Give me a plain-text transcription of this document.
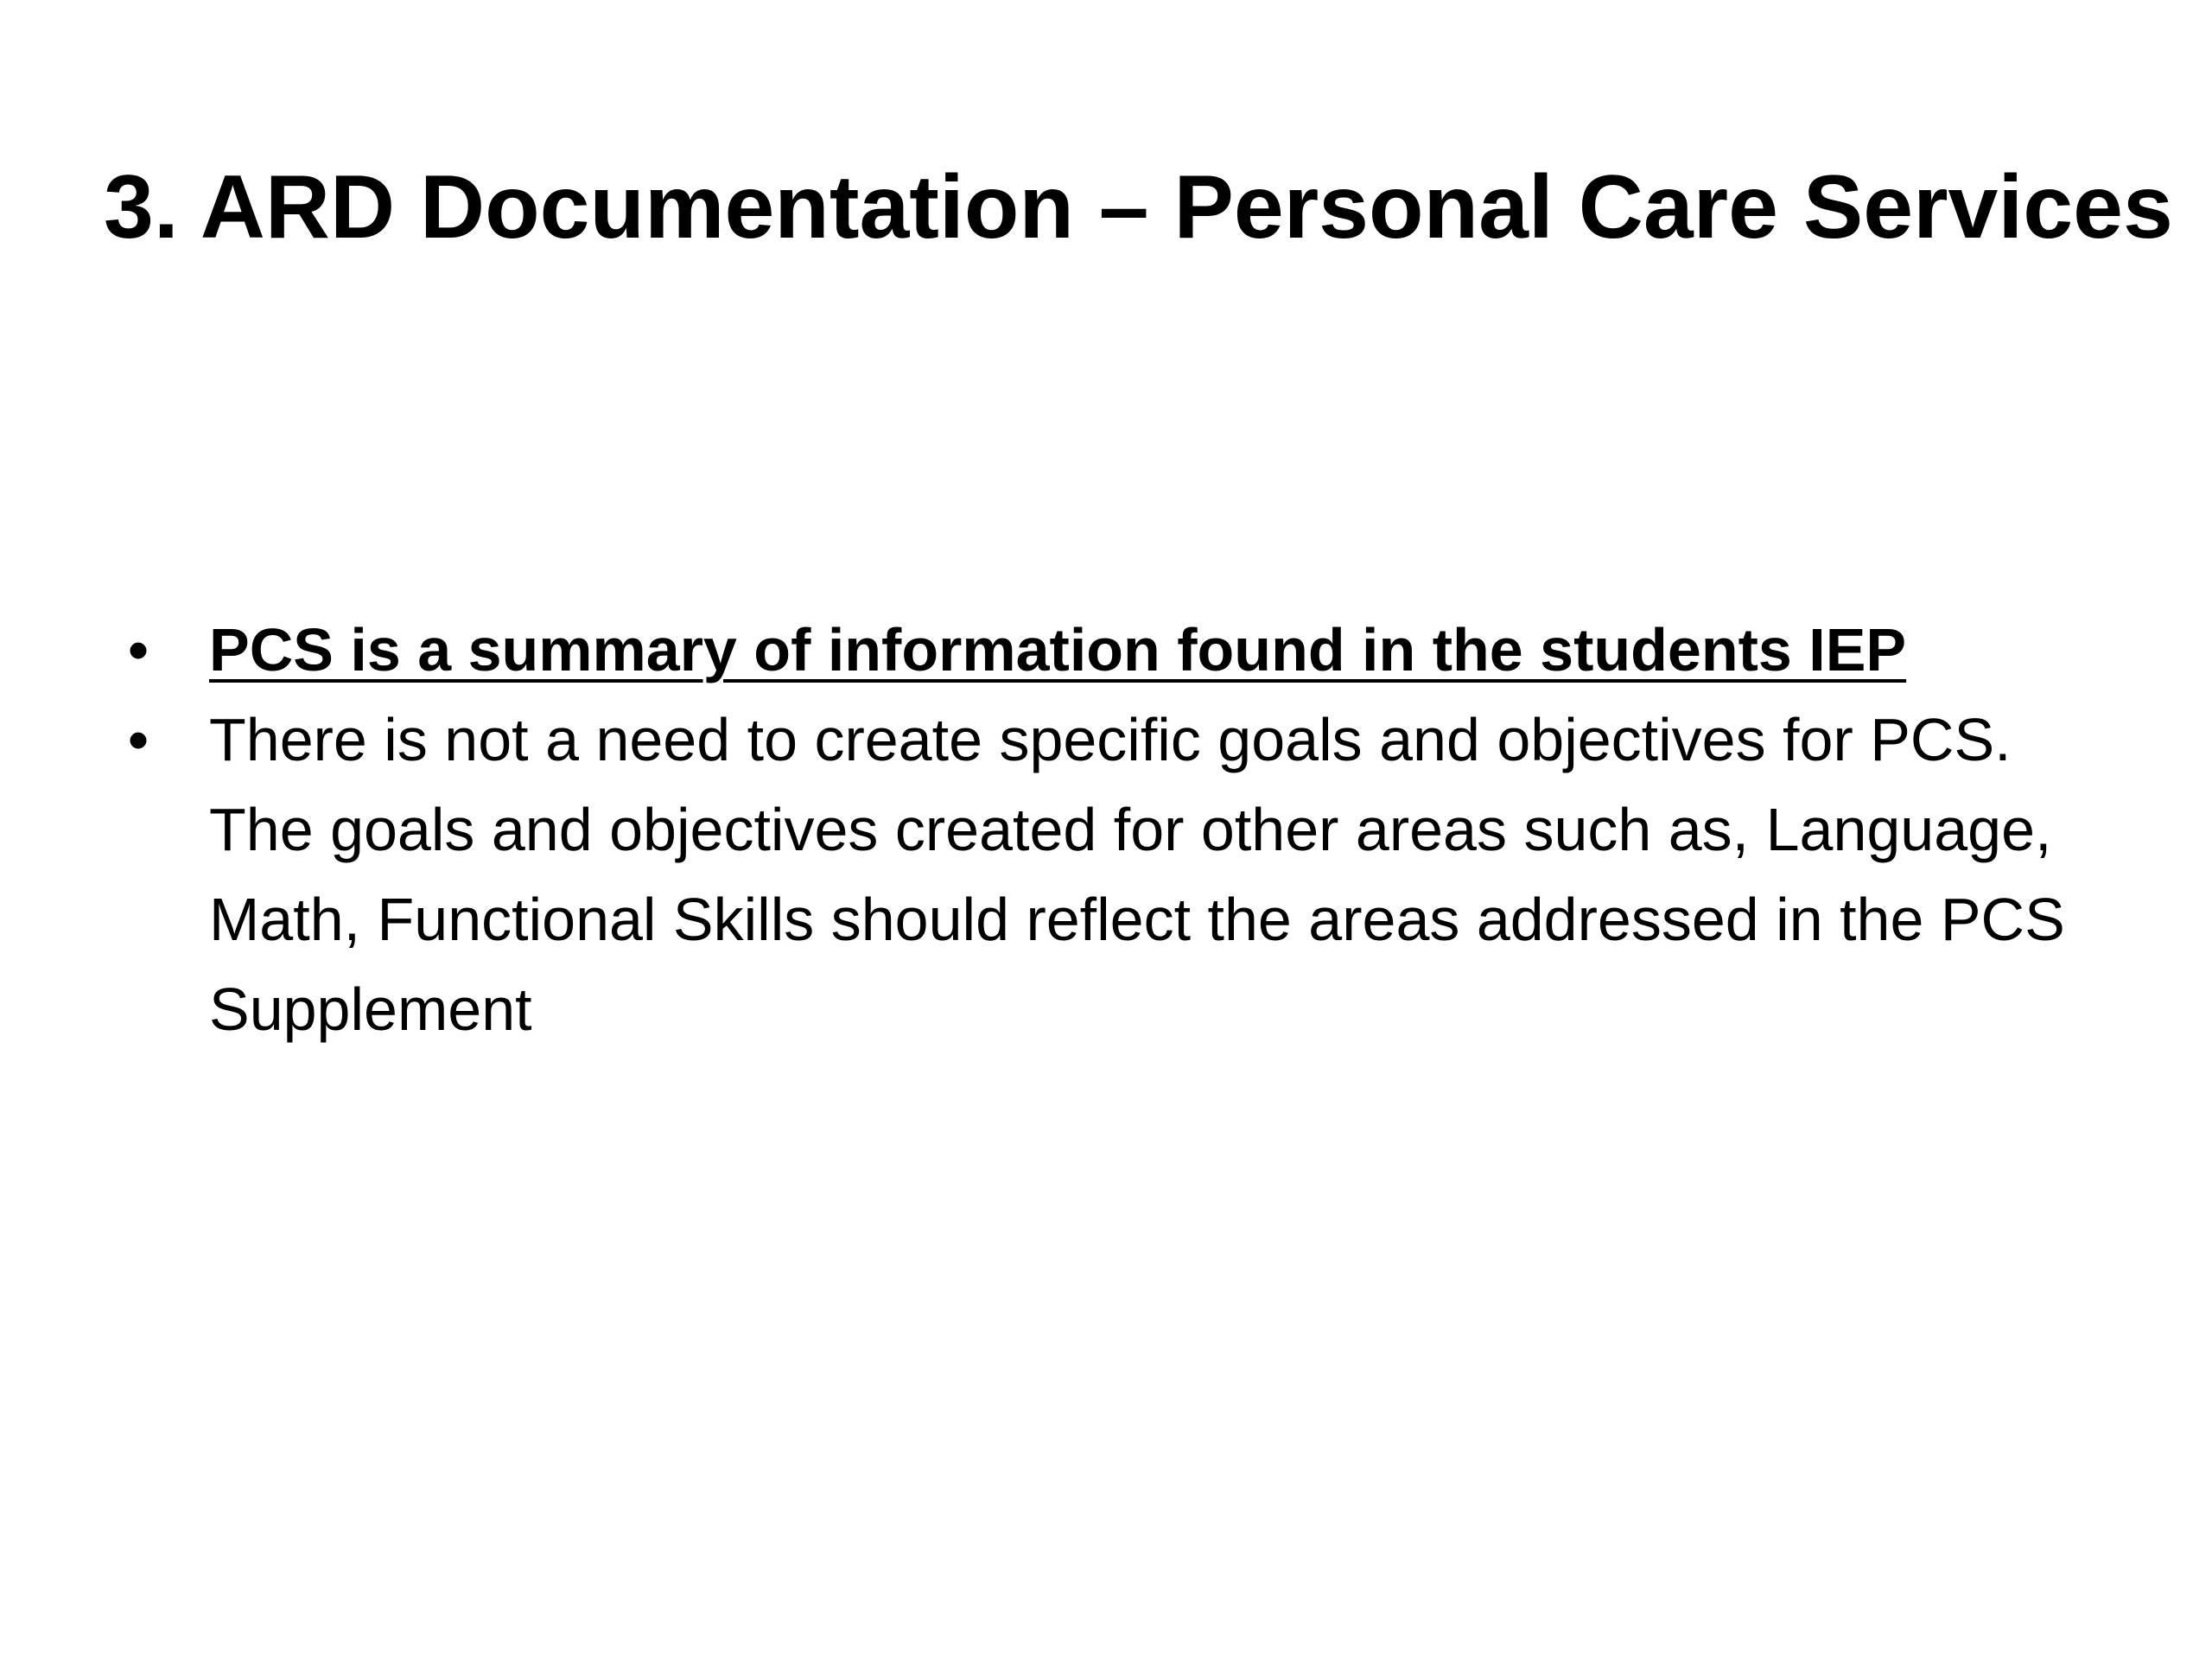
3. ARD Documentation – Personal Care Services
• PCS is a summary of information found in the students IEP
• There is not a need to create specific goals and objectives for PCS. The goals and objectives created for other areas such as, Language, Math, Functional Skills should reflect the areas addressed in the PCS Supplement
